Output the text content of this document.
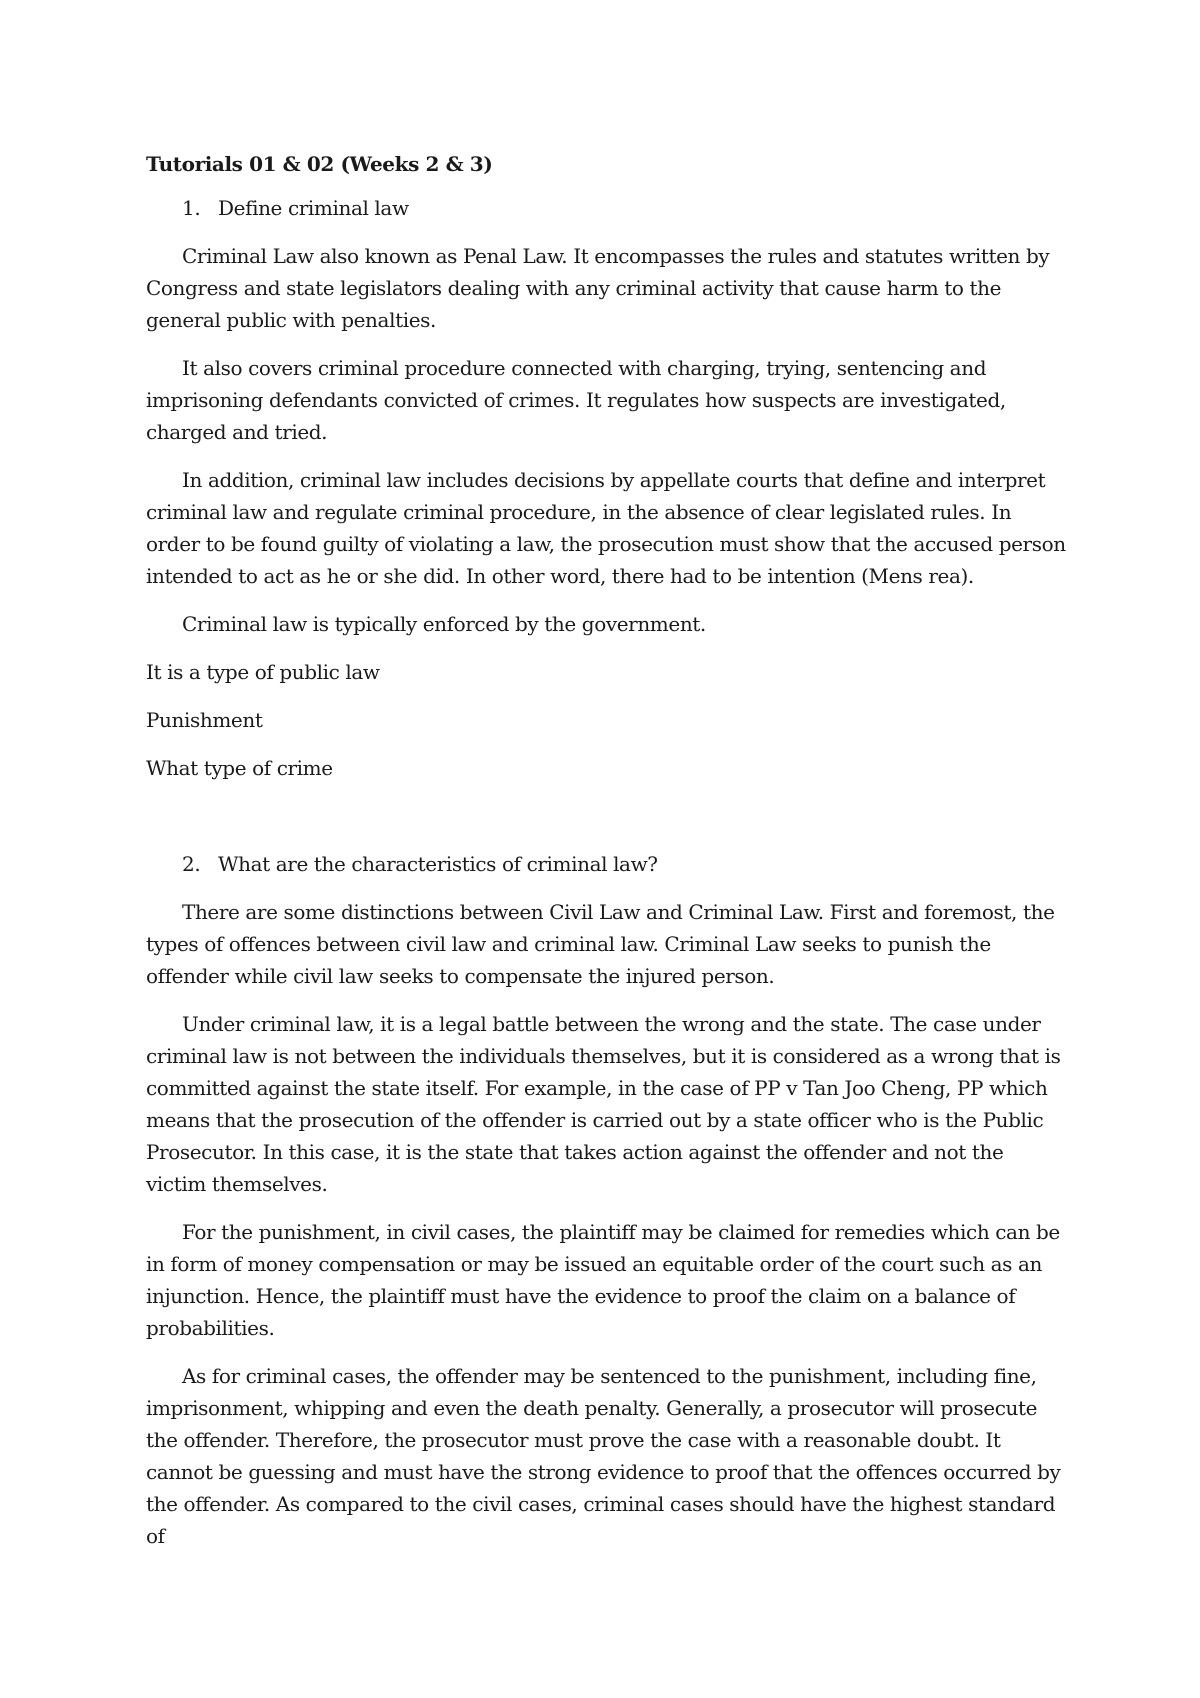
Tutorials 01 & 02 (Weeks 2 & 3)
1. Define criminal law
Criminal Law also known as Penal Law. It encompasses the rules and statutes written by Congress and state legislators dealing with any criminal activity that cause harm to the general public with penalties.
It also covers criminal procedure connected with charging, trying, sentencing and imprisoning defendants convicted of crimes. It regulates how suspects are investigated, charged and tried.
In addition, criminal law includes decisions by appellate courts that define and interpret criminal law and regulate criminal procedure, in the absence of clear legislated rules. In order to be found guilty of violating a law, the prosecution must show that the accused person intended to act as he or she did. In other word, there had to be intention (Mens rea).
Criminal law is typically enforced by the government.
It is a type of public law
Punishment
What type of crime
2. What are the characteristics of criminal law?
There are some distinctions between Civil Law and Criminal Law. First and foremost, the types of offences between civil law and criminal law. Criminal Law seeks to punish the offender while civil law seeks to compensate the injured person.
Under criminal law, it is a legal battle between the wrong and the state. The case under criminal law is not between the individuals themselves, but it is considered as a wrong that is committed against the state itself. For example, in the case of PP v Tan Joo Cheng, PP which means that the prosecution of the offender is carried out by a state officer who is the Public Prosecutor. In this case, it is the state that takes action against the offender and not the victim themselves.
For the punishment, in civil cases, the plaintiff may be claimed for remedies which can be in form of money compensation or may be issued an equitable order of the court such as an injunction. Hence, the plaintiff must have the evidence to proof the claim on a balance of probabilities.
As for criminal cases, the offender may be sentenced to the punishment, including fine, imprisonment, whipping and even the death penalty. Generally, a prosecutor will prosecute the offender. Therefore, the prosecutor must prove the case with a reasonable doubt. It cannot be guessing and must have the strong evidence to proof that the offences occurred by the offender. As compared to the civil cases, criminal cases should have the highest standard of
